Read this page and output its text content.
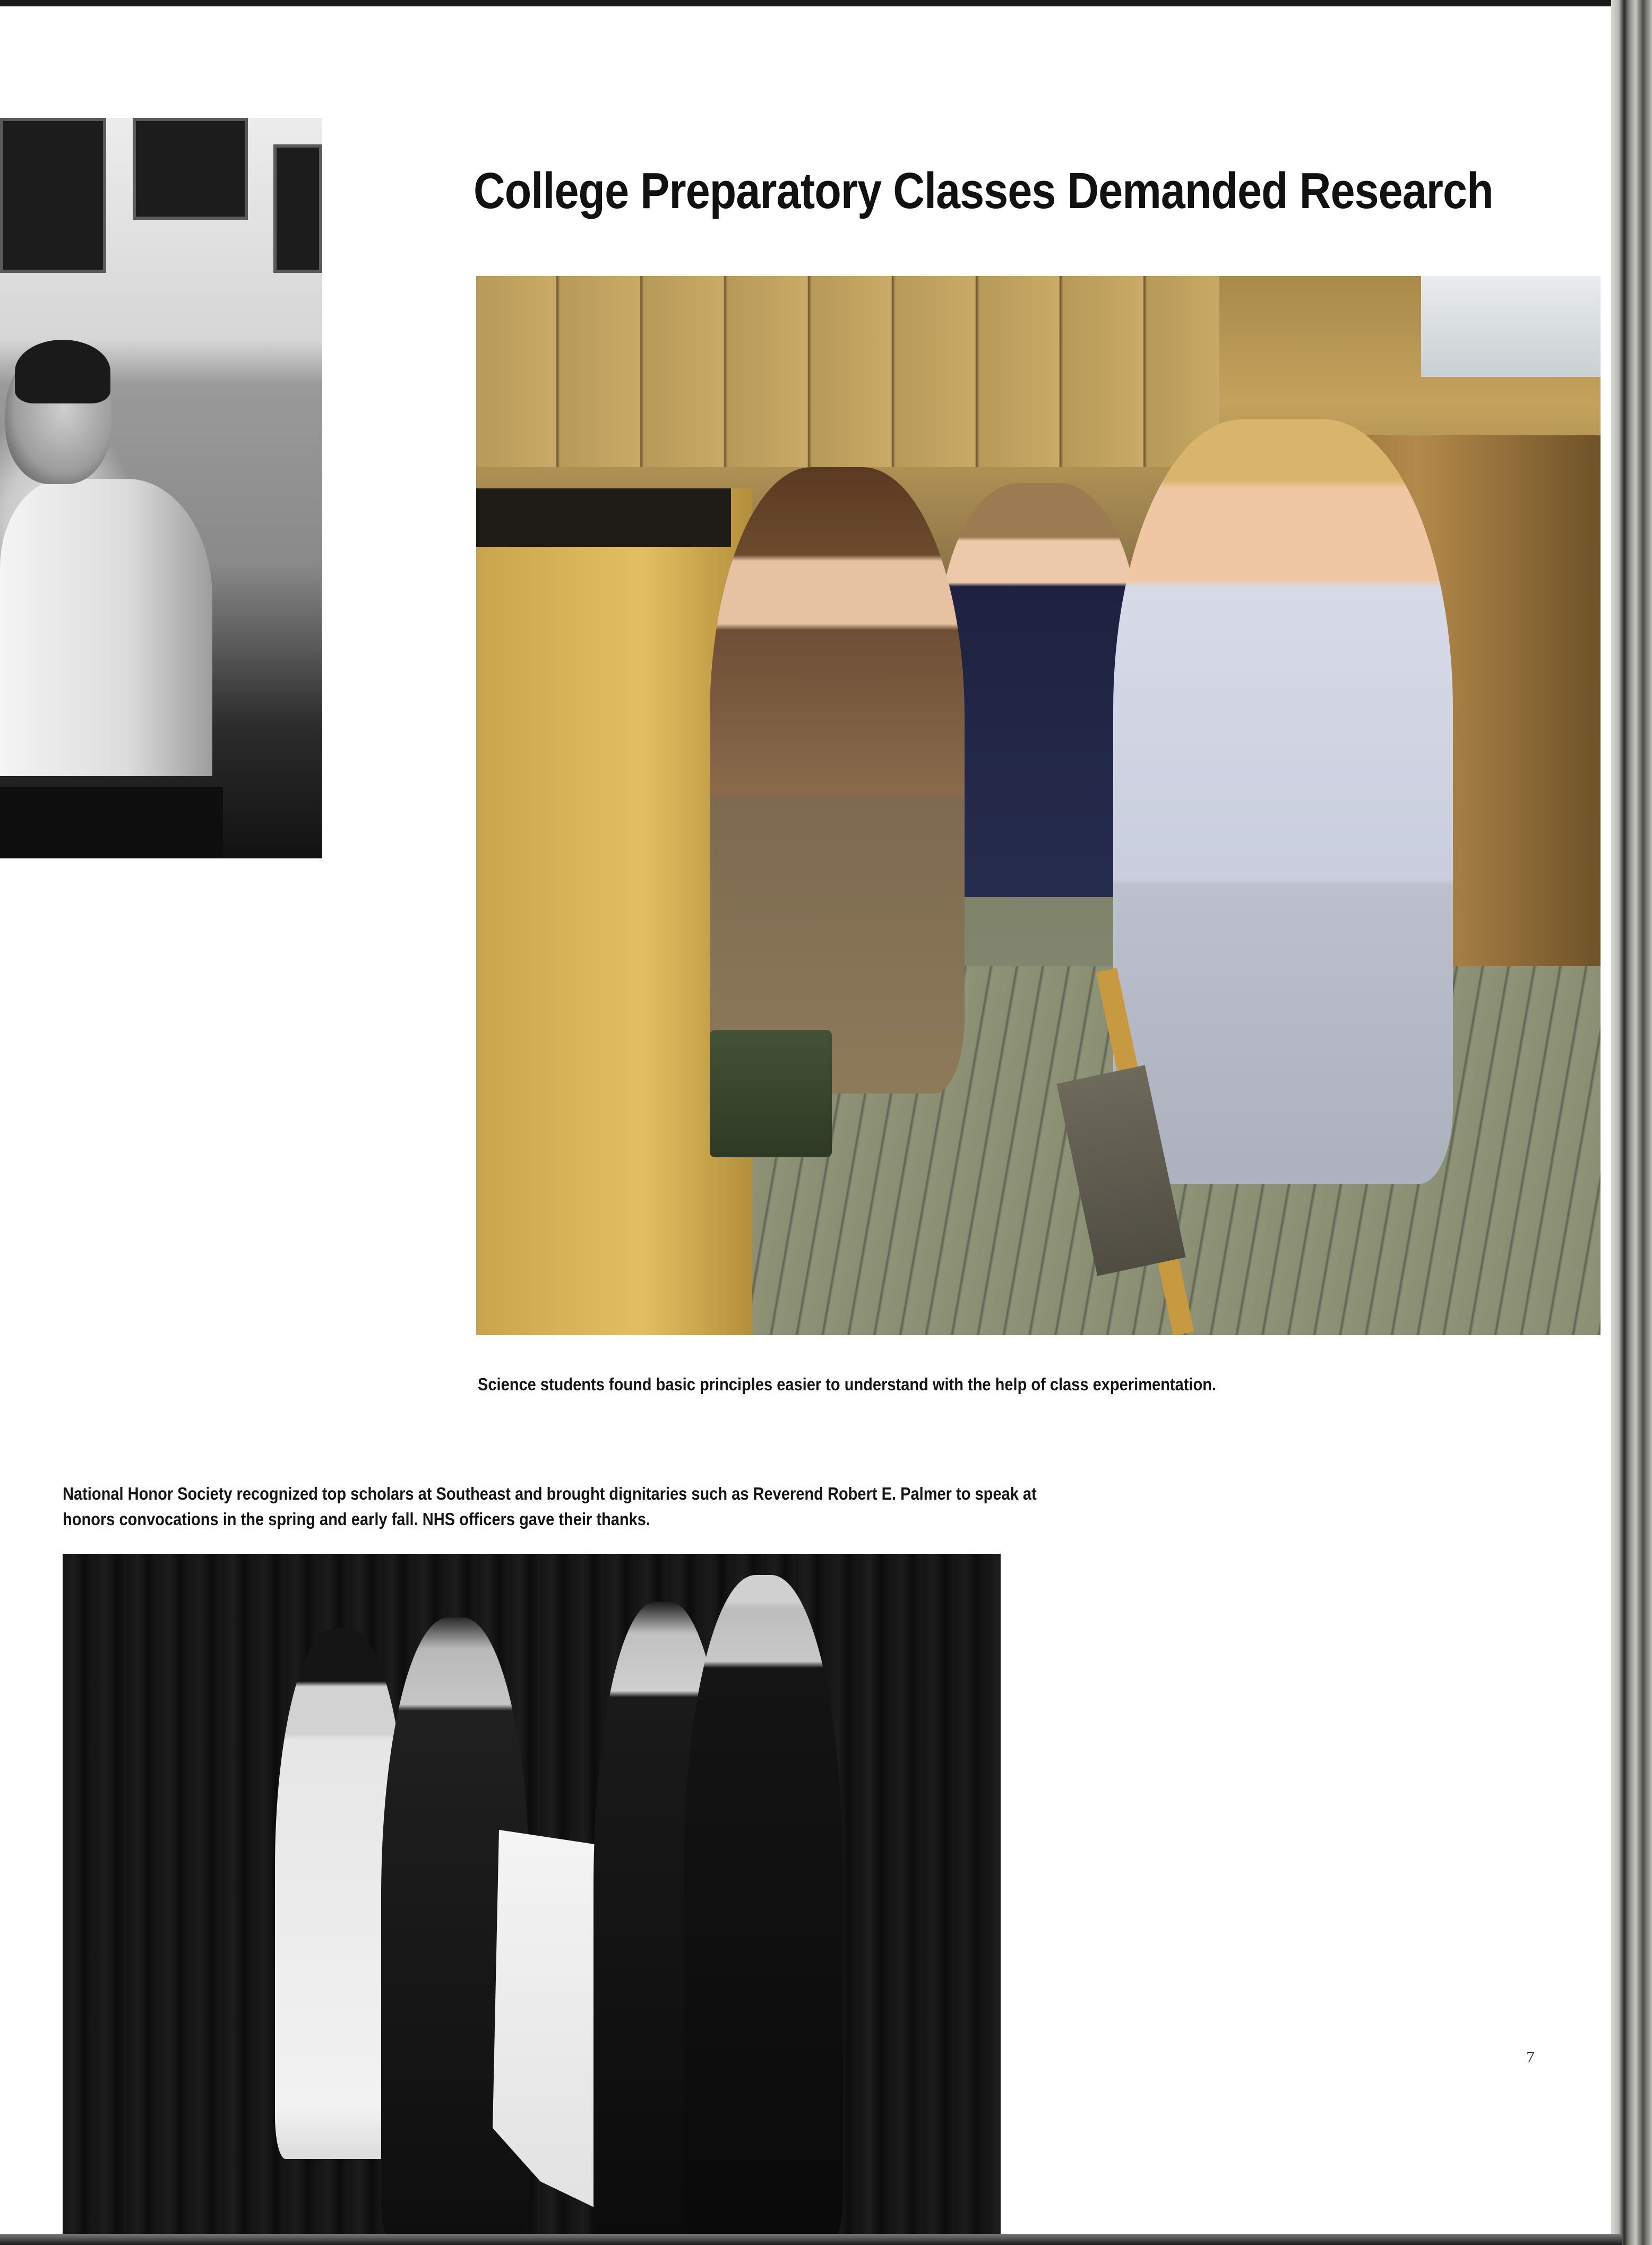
College Preparatory Classes Demanded Research

Science students found basic principles easier to understand with the help of class experimentation.

National Honor Society recognized top scholars at Southeast and brought dignitaries such as Reverend Robert E. Palmer to speak at honors convocations in the spring and early fall. NHS officers gave their thanks.

7
